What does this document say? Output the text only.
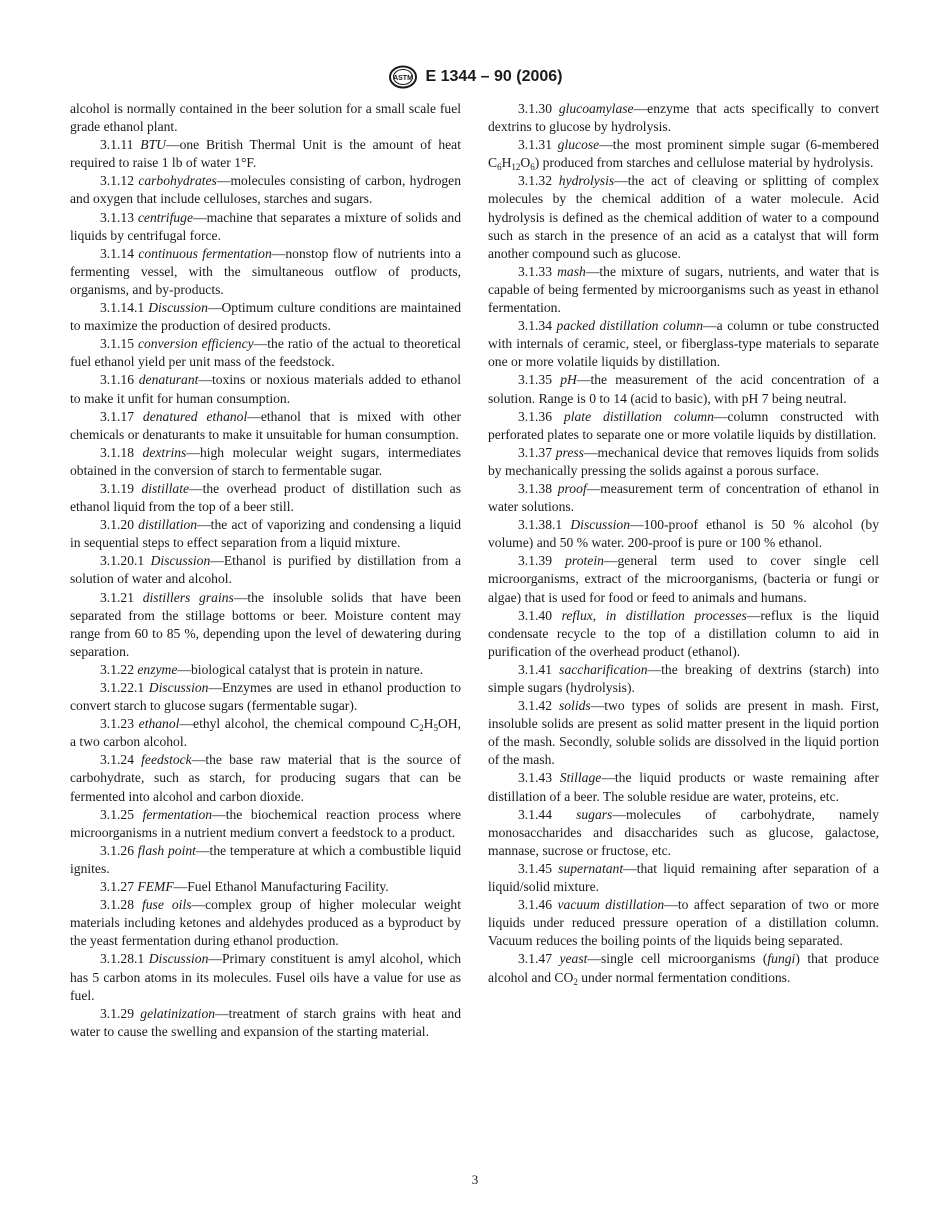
ASTM E 1344 – 90 (2006)

alcohol is normally contained in the beer solution for a small scale fuel grade ethanol plant.

3.1.11 BTU—one British Thermal Unit is the amount of heat required to raise 1 lb of water 1°F.

3.1.12 carbohydrates—molecules consisting of carbon, hydrogen and oxygen that include celluloses, starches and sugars.

3.1.13 centrifuge—machine that separates a mixture of solids and liquids by centrifugal force.

3.1.14 continuous fermentation—nonstop flow of nutrients into a fermenting vessel, with the simultaneous outflow of products, organisms, and by-products.

3.1.14.1 Discussion—Optimum culture conditions are maintained to maximize the production of desired products.

3.1.15 conversion efficiency—the ratio of the actual to theoretical fuel ethanol yield per unit mass of the feedstock.

3.1.16 denaturant—toxins or noxious materials added to ethanol to make it unfit for human consumption.

3.1.17 denatured ethanol—ethanol that is mixed with other chemicals or denaturants to make it unsuitable for human consumption.

3.1.18 dextrins—high molecular weight sugars, intermediates obtained in the conversion of starch to fermentable sugar.

3.1.19 distillate—the overhead product of distillation such as ethanol liquid from the top of a beer still.

3.1.20 distillation—the act of vaporizing and condensing a liquid in sequential steps to effect separation from a liquid mixture.

3.1.20.1 Discussion—Ethanol is purified by distillation from a solution of water and alcohol.

3.1.21 distillers grains—the insoluble solids that have been separated from the stillage bottoms or beer. Moisture content may range from 60 to 85 %, depending upon the level of dewatering during separation.

3.1.22 enzyme—biological catalyst that is protein in nature.

3.1.22.1 Discussion—Enzymes are used in ethanol production to convert starch to glucose sugars (fermentable sugar).

3.1.23 ethanol—ethyl alcohol, the chemical compound $C_2H_5OH$, a two carbon alcohol.

3.1.24 feedstock—the base raw material that is the source of carbohydrate, such as starch, for producing sugars that can be fermented into alcohol and carbon dioxide.

3.1.25 fermentation—the biochemical reaction process where microorganisms in a nutrient medium convert a feedstock to a product.

3.1.26 flash point—the temperature at which a combustible liquid ignites.

3.1.27 FEMF—Fuel Ethanol Manufacturing Facility.

3.1.28 fuse oils—complex group of higher molecular weight materials including ketones and aldehydes produced as a byproduct by the yeast fermentation during ethanol production.

3.1.28.1 Discussion—Primary constituent is amyl alcohol, which has 5 carbon atoms in its molecules. Fusel oils have a value for use as fuel.

3.1.29 gelatinization—treatment of starch grains with heat and water to cause the swelling and expansion of the starting material.

3.1.30 glucoamylase—enzyme that acts specifically to convert dextrins to glucose by hydrolysis.

3.1.31 glucose—the most prominent simple sugar (6-membered $C_6H_{12}O_6$) produced from starches and cellulose material by hydrolysis.

3.1.32 hydrolysis—the act of cleaving or splitting of complex molecules by the chemical addition of a water molecule. Acid hydrolysis is defined as the chemical addition of water to a compound such as starch in the presence of an acid as a catalyst that will form another compound such as glucose.

3.1.33 mash—the mixture of sugars, nutrients, and water that is capable of being fermented by microorganisms such as yeast in ethanol fermentation.

3.1.34 packed distillation column—a column or tube constructed with internals of ceramic, steel, or fiberglass-type materials to separate one or more volatile liquids by distillation.

3.1.35 pH—the measurement of the acid concentration of a solution. Range is 0 to 14 (acid to basic), with pH 7 being neutral.

3.1.36 plate distillation column—column constructed with perforated plates to separate one or more volatile liquids by distillation.

3.1.37 press—mechanical device that removes liquids from solids by mechanically pressing the solids against a porous surface.

3.1.38 proof—measurement term of concentration of ethanol in water solutions.

3.1.38.1 Discussion—100-proof ethanol is 50 % alcohol (by volume) and 50 % water. 200-proof is pure or 100 % ethanol.

3.1.39 protein—general term used to cover single cell microorganisms, extract of the microorganisms, (bacteria or fungi or algae) that is used for food or feed to animals and humans.

3.1.40 reflux, in distillation processes—reflux is the liquid condensate recycle to the top of a distillation column to aid in purification of the overhead product (ethanol).

3.1.41 saccharification—the breaking of dextrins (starch) into simple sugars (hydrolysis).

3.1.42 solids—two types of solids are present in mash. First, insoluble solids are present as solid matter present in the liquid portion of the mash. Secondly, soluble solids are dissolved in the liquid portion of the mash.

3.1.43 Stillage—the liquid products or waste remaining after distillation of a beer. The soluble residue are water, proteins, etc.

3.1.44 sugars—molecules of carbohydrate, namely monosaccharides and disaccharides such as glucose, galactose, mannase, sucrose or fructose, etc.

3.1.45 supernatant—that liquid remaining after separation of a liquid/solid mixture.

3.1.46 vacuum distillation—to affect separation of two or more liquids under reduced pressure operation of a distillation column. Vacuum reduces the boiling points of the liquids being separated.

3.1.47 yeast—single cell microorganisms (fungi) that produce alcohol and $CO_2$ under normal fermentation conditions.

3
